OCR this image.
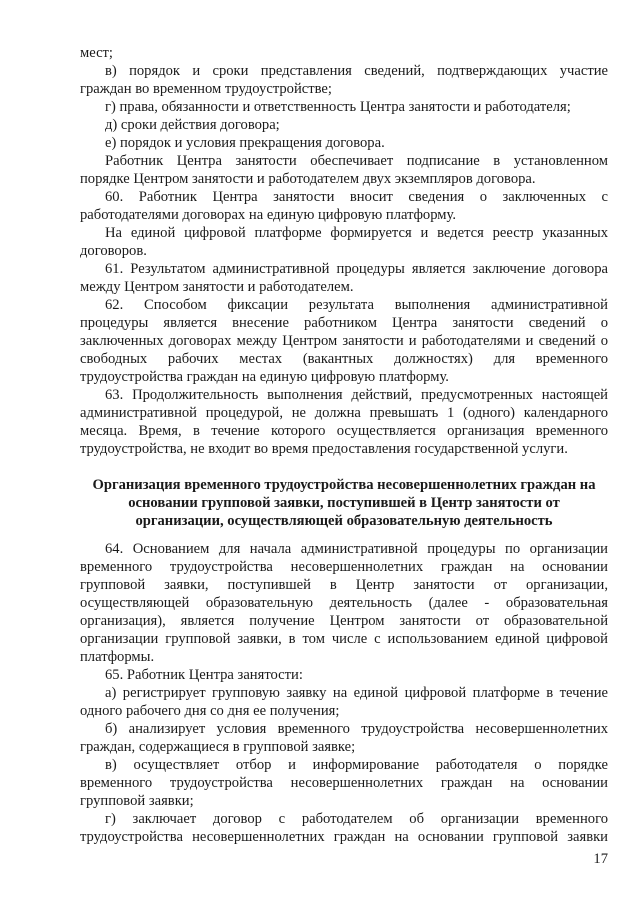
мест;
в) порядок и сроки представления сведений, подтверждающих участие
граждан во временном трудоустройстве;
г) права, обязанности и ответственность Центра занятости и работодателя;
д) сроки действия договора;
е) порядок и условия прекращения договора.
Работник Центра занятости обеспечивает подписание в установленном
порядке Центром занятости и работодателем двух экземпляров договора.
60. Работник Центра занятости вносит сведения о заключенных с
работодателями договорах на единую цифровую платформу.
На единой цифровой платформе формируется и ведется реестр указанных
договоров.
61. Результатом административной процедуры является заключение договора
между Центром занятости и работодателем.
62. Способом фиксации результата выполнения административной
процедуры является внесение работником Центра занятости сведений о
заключенных договорах между Центром занятости и работодателями и сведений о
свободных рабочих местах (вакантных должностях) для временного
трудоустройства граждан на единую цифровую платформу.
63. Продолжительность выполнения действий, предусмотренных настоящей
административной процедурой, не должна превышать 1 (одного) календарного
месяца. Время, в течение которого осуществляется организация временного
трудоустройства, не входит во время предоставления государственной услуги.
Организация временного трудоустройства несовершеннолетних граждан на
основании групповой заявки, поступившей в Центр занятости от
организации, осуществляющей образовательную деятельность
64. Основанием для начала административной процедуры по организации
временного трудоустройства несовершеннолетних граждан на основании
групповой заявки, поступившей в Центр занятости от организации,
осуществляющей образовательную деятельность (далее - образовательная
организация), является получение Центром занятости от образовательной
организации групповой заявки, в том числе с использованием единой цифровой
платформы.
65. Работник Центра занятости:
а) регистрирует групповую заявку на единой цифровой платформе в течение
одного рабочего дня со дня ее получения;
б) анализирует условия временного трудоустройства несовершеннолетних
граждан, содержащиеся в групповой заявке;
в) осуществляет отбор и информирование работодателя о порядке
временного трудоустройства несовершеннолетних граждан на основании
групповой заявки;
г) заключает договор с работодателем об организации временного
трудоустройства несовершеннолетних граждан на основании групповой заявки
17
